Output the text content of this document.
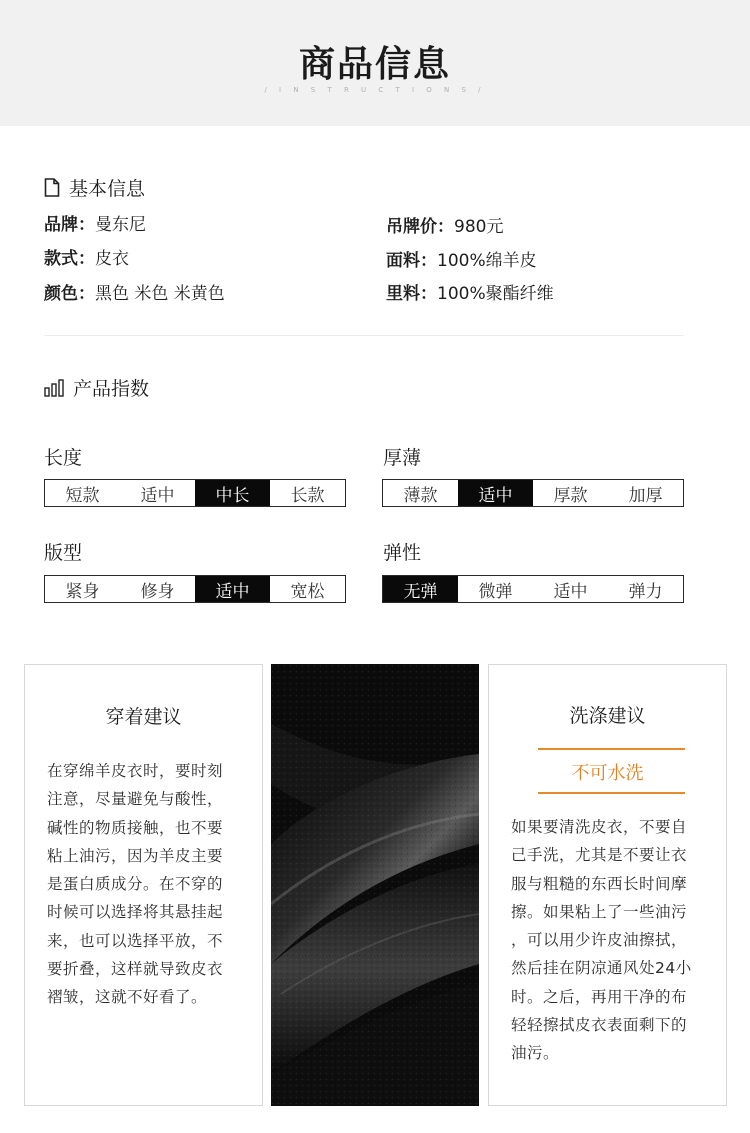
商品信息
/ I N S T R U C T I O N S /
基本信息
品牌：曼东尼
款式：皮衣
颜色：黑色 米色 米黄色
吊牌价：980元
面料：100%绵羊皮
里料：100%聚酯纤维
产品指数
长度
短款	适中	中长	长款
厚薄
薄款	适中	厚款	加厚
版型
紧身	修身	适中	宽松
弹性
无弹	微弹	适中	弹力
穿着建议
在穿绵羊皮衣时，要时刻
注意，尽量避免与酸性，
碱性的物质接触，也不要
粘上油污，因为羊皮主要
是蛋白质成分。在不穿的
时候可以选择将其悬挂起
来，也可以选择平放，不
要折叠，这样就导致皮衣
褶皱，这就不好看了。
洗涤建议
不可水洗
如果要清洗皮衣，不要自
己手洗，尤其是不要让衣
服与粗糙的东西长时间摩
擦。如果粘上了一些油污
，可以用少许皮油擦拭，
然后挂在阴凉通风处24小
时。之后，再用干净的布
轻轻擦拭皮衣表面剩下的
油污。
